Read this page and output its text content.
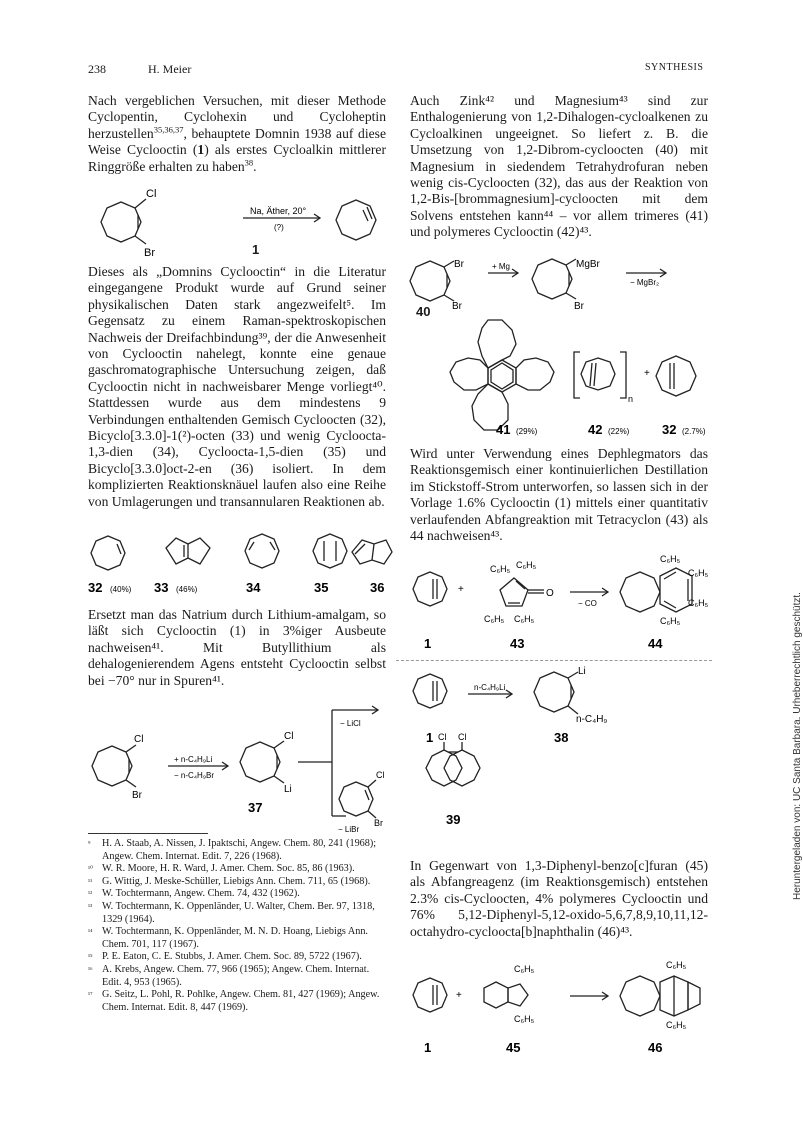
238	H. Meier	SYNTHESIS

Nach vergeblichen Versuchen, mit dieser Methode Cyclopentin, Cyclohexin und Cycloheptin herzustellen$^{35,36,37}$, behauptete Domnin 1938 auf diese Weise Cyclooctin (1) als erstes Cycloalkin mittlerer Ringgröße erhalten zu haben$^{38}$.

Cl
Br
Na, Äther, 20°
(?)
1

Dieses als „Domnins Cyclooctin“ in die Literatur eingegangene Produkt wurde auf Grund seiner physikalischen Daten stark angezweifelt⁵. Im Gegensatz zu einem Raman-spektroskopischen Nachweis der Dreifachbindung³⁹, der die Anwesenheit von Cyclooctin nahelegt, konnte eine genaue gaschromatographische Untersuchung zeigen, daß Cyclooctin nicht in nachweisbarer Menge vorliegt⁴⁰. Stattdessen wurde aus dem mindestens 9 Verbindungen enthaltenden Gemisch Cycloocten (32), Bicyclo[3.3.0]-1(²)-octen (33) und wenig Cycloocta-1,3-dien (34), Cycloocta-1,5-dien (35) und Bicyclo[3.3.0]oct-2-en (36) isoliert. In dem komplizierten Reaktionsknäuel laufen also eine Reihe von Umlagerungen und transannularen Reaktionen ab.

32 (40%) 33 (46%)	34	35	36

Ersetzt man das Natrium durch Lithium-amalgam, so läßt sich Cyclooctin (1) in 3%iger Ausbeute nachweisen⁴¹. Mit Butyllithium als dehalogenierendem Agens entsteht Cyclooctin selbst bei −70° nur in Spuren⁴¹.

Cl
Br
+ n-C₄H₉Li
− n-C₄H₉Br
Cl
Li
− LiCl
Cl
Br
− LiBr
37
⁹ H. A. Staab, A. Nissen, J. Ipaktschi, Angew. Chem. 80, 241 (1968); Angew. Chem. Internat. Edit. 7, 226 (1968).
¹⁰ W. R. Moore, H. R. Ward, J. Amer. Chem. Soc. 85, 86 (1963).
¹¹ G. Wittig, J. Meske-Schüller, Liebigs Ann. Chem. 711, 65 (1968).
¹² W. Tochtermann, Angew. Chem. 74, 432 (1962).
¹³ W. Tochtermann, K. Oppenländer, U. Walter, Chem. Ber. 97, 1318, 1329 (1964).
¹⁴ W. Tochtermann, K. Oppenländer, M. N. D. Hoang, Liebigs Ann. Chem. 701, 117 (1967).
¹⁵ P. E. Eaton, C. E. Stubbs, J. Amer. Chem. Soc. 89, 5722 (1967).
¹⁶ A. Krebs, Angew. Chem. 77, 966 (1965); Angew. Chem. Internat. Edit. 4, 953 (1965).
¹⁷ G. Seitz, L. Pohl, R. Pohlke, Angew. Chem. 81, 427 (1969); Angew. Chem. Internat. Edit. 8, 447 (1969).

Auch Zink⁴² und Magnesium⁴³ sind zur Enthalogenierung von 1,2-Dihalogen-cycloalkenen zu Cycloalkinen ungeeignet. So liefert z. B. die Umsetzung von 1,2-Dibrom-cycloocten (40) mit Magnesium in siedendem Tetrahydrofuran neben wenig cis-Cycloocten (32), das aus der Reaktion von 1,2-Bis-[brommagnesium]-cycloocten mit dem Solvens entstehen kann⁴⁴ – vor allem trimeres (41) und polymeres Cyclooctin (42)⁴³.

Br
Br
+ Mg	MgBr
Br
− MgBr₂
40
n
+
41 (29%)	42 (22%)	32 (2.7%)

Wird unter Verwendung eines Dephlegmators das Reaktionsgemisch einer kontinuierlichen Destillation im Stickstoff-Strom unterworfen, so lassen sich in der Vorlage 1.6% Cyclooctin (1) mittels einer quantitativ verlaufenden Abfangreaktion mit Tetracyclon (43) als 44 nachweisen⁴³.

+
C₆H₅ C₆H₅
C₆H₅ C₆H₅
O
− CO
C₆H₅
C₆H₅
C₆H₅
C₆H₅
1	43	44
n-C₄H₉Li
Li
n-C₄H₉
Cl Cl
1	38
39

In Gegenwart von 1,3-Diphenyl-benzo[c]furan (45) als Abfangreagenz (im Reaktionsgemisch) entstehen 2.3% cis-Cycloocten, 4% polymeres Cyclooctin und 76% 5,12-Diphenyl-5,12-oxido-5,6,7,8,9,10,11,12-octahydro-cycloocta[b]naphthalin (46)⁴³.

+
C₆H₅
C₆H₅
C₆H₅
C₆H₅
1	45	46
Heruntergeladen von: UC Santa Barbara. Urheberrechtlich geschützt.
